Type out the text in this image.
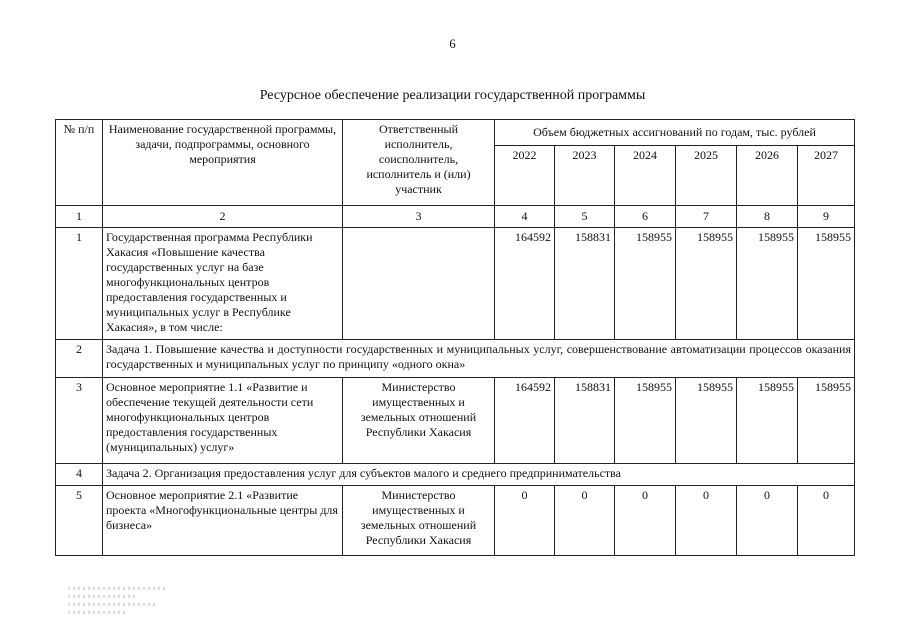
6
Ресурсное обеспечение реализации государственной программы
№ п/п	Наименование государственной программы, задачи, подпрограммы, основного мероприятия	Ответственный исполнитель, соисполнитель, исполнитель и (или) участник	Объем бюджетных ассигнований по годам, тыс. рублей					
			2022	2023	2024	2025	2026	2027
1	2	3	4	5	6	7	8	9
1	Государственная программа Республики Хакасия «Повышение качества государственных услуг на базе многофункциональных центров предоставления государственных и муниципальных услуг в Республике Хакасия», в том числе:		164592	158831	158955	158955	158955	158955
2	Задача 1. Повышение качества и доступности государственных и муниципальных услуг, совершенствование автоматизации процессов оказания государственных и муниципальных услуг по принципу «одного окна»							
3	Основное мероприятие 1.1 «Развитие и обеспечение текущей деятельности сети многофункциональных центров предоставления государственных (муниципальных) услуг»	Министерство имущественных и земельных отношений Республики Хакасия	164592	158831	158955	158955	158955	158955
4	Задача 2. Организация предоставления услуг для субъектов малого и среднего предпринимательства							
5	Основное мероприятие 2.1 «Развитие проекта «Многофункциональные центры для бизнеса»	Министерство имущественных и земельных отношений Республики Хакасия	0	0	0	0	0	0
